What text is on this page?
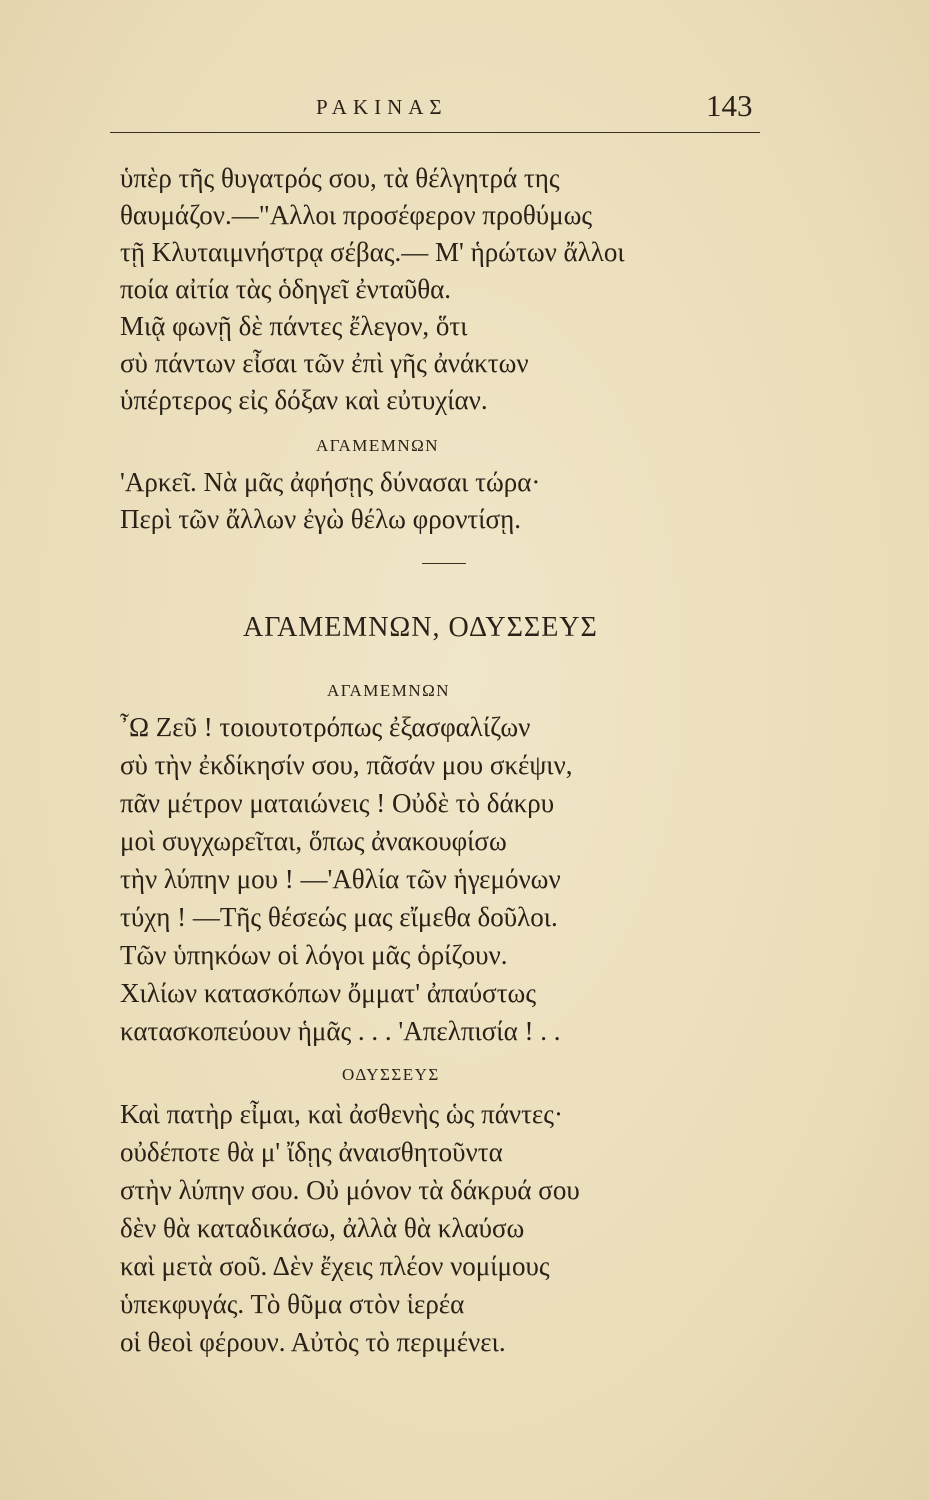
ΡΑΚΙΝΑΣ	143
ὑπὲρ τῆς θυγατρός σου, τὰ θέλγητρά της
θαυμάζον.—"Αλλοι προσέφερον προθύμως
τῇ Κλυταιμνήστρᾳ σέβας.— Μ' ἡρώτων ἄλλοι
ποία αἰτία τὰς ὁδηγεῖ ἐνταῦθα.
Μιᾷ φωνῇ δὲ πάντες ἔλεγον, ὅτι
σὺ πάντων εἶσαι τῶν ἐπὶ γῆς ἀνάκτων
ὑπέρτερος εἰς δόξαν καὶ εὐτυχίαν.
ΑΓΑΜΕΜΝΩΝ
'Αρκεῖ. Νὰ μᾶς ἀφήσῃς δύνασαι τώρα·
Περὶ τῶν ἄλλων ἐγὼ θέλω φροντίσῃ.
ΑΓΑΜΕΜΝΩΝ, ΟΔΥΣΣΕΥΣ
ΑΓΑΜΕΜΝΩΝ
῏Ω Ζεῦ ! τοιουτοτρόπως ἐξασφαλίζων
σὺ τὴν ἐκδίκησίν σου, πᾶσάν μου σκέψιν,
πᾶν μέτρον ματαιώνεις ! Οὐδὲ τὸ δάκρυ
μοὶ συγχωρεῖται, ὅπως ἀνακουφίσω
τὴν λύπην μου ! —'Αθλία τῶν ἡγεμόνων
τύχη ! —Τῆς θέσεώς μας εἴμεθα δοῦλοι.
Τῶν ὑπηκόων οἱ λόγοι μᾶς ὁρίζουν.
Χιλίων κατασκόπων ὄμματ' ἀπαύστως
κατασκοπεύουν ἡμᾶς . . . 'Απελπισία ! . .
ΟΔΥΣΣΕΥΣ
Καὶ πατὴρ εἶμαι, καὶ ἀσθενὴς ὡς πάντες·
οὐδέποτε θὰ μ' ἴδῃς ἀναισθητοῦντα
στὴν λύπην σου. Οὐ μόνον τὰ δάκρυά σου
δὲν θὰ καταδικάσω, ἀλλὰ θὰ κλαύσω
καὶ μετὰ σοῦ. Δὲν ἔχεις πλέον νομίμους
ὑπεκφυγάς. Τὸ θῦμα στὸν ἱερέα
οἱ θεοὶ φέρουν. Αὐτὸς τὸ περιμένει.
